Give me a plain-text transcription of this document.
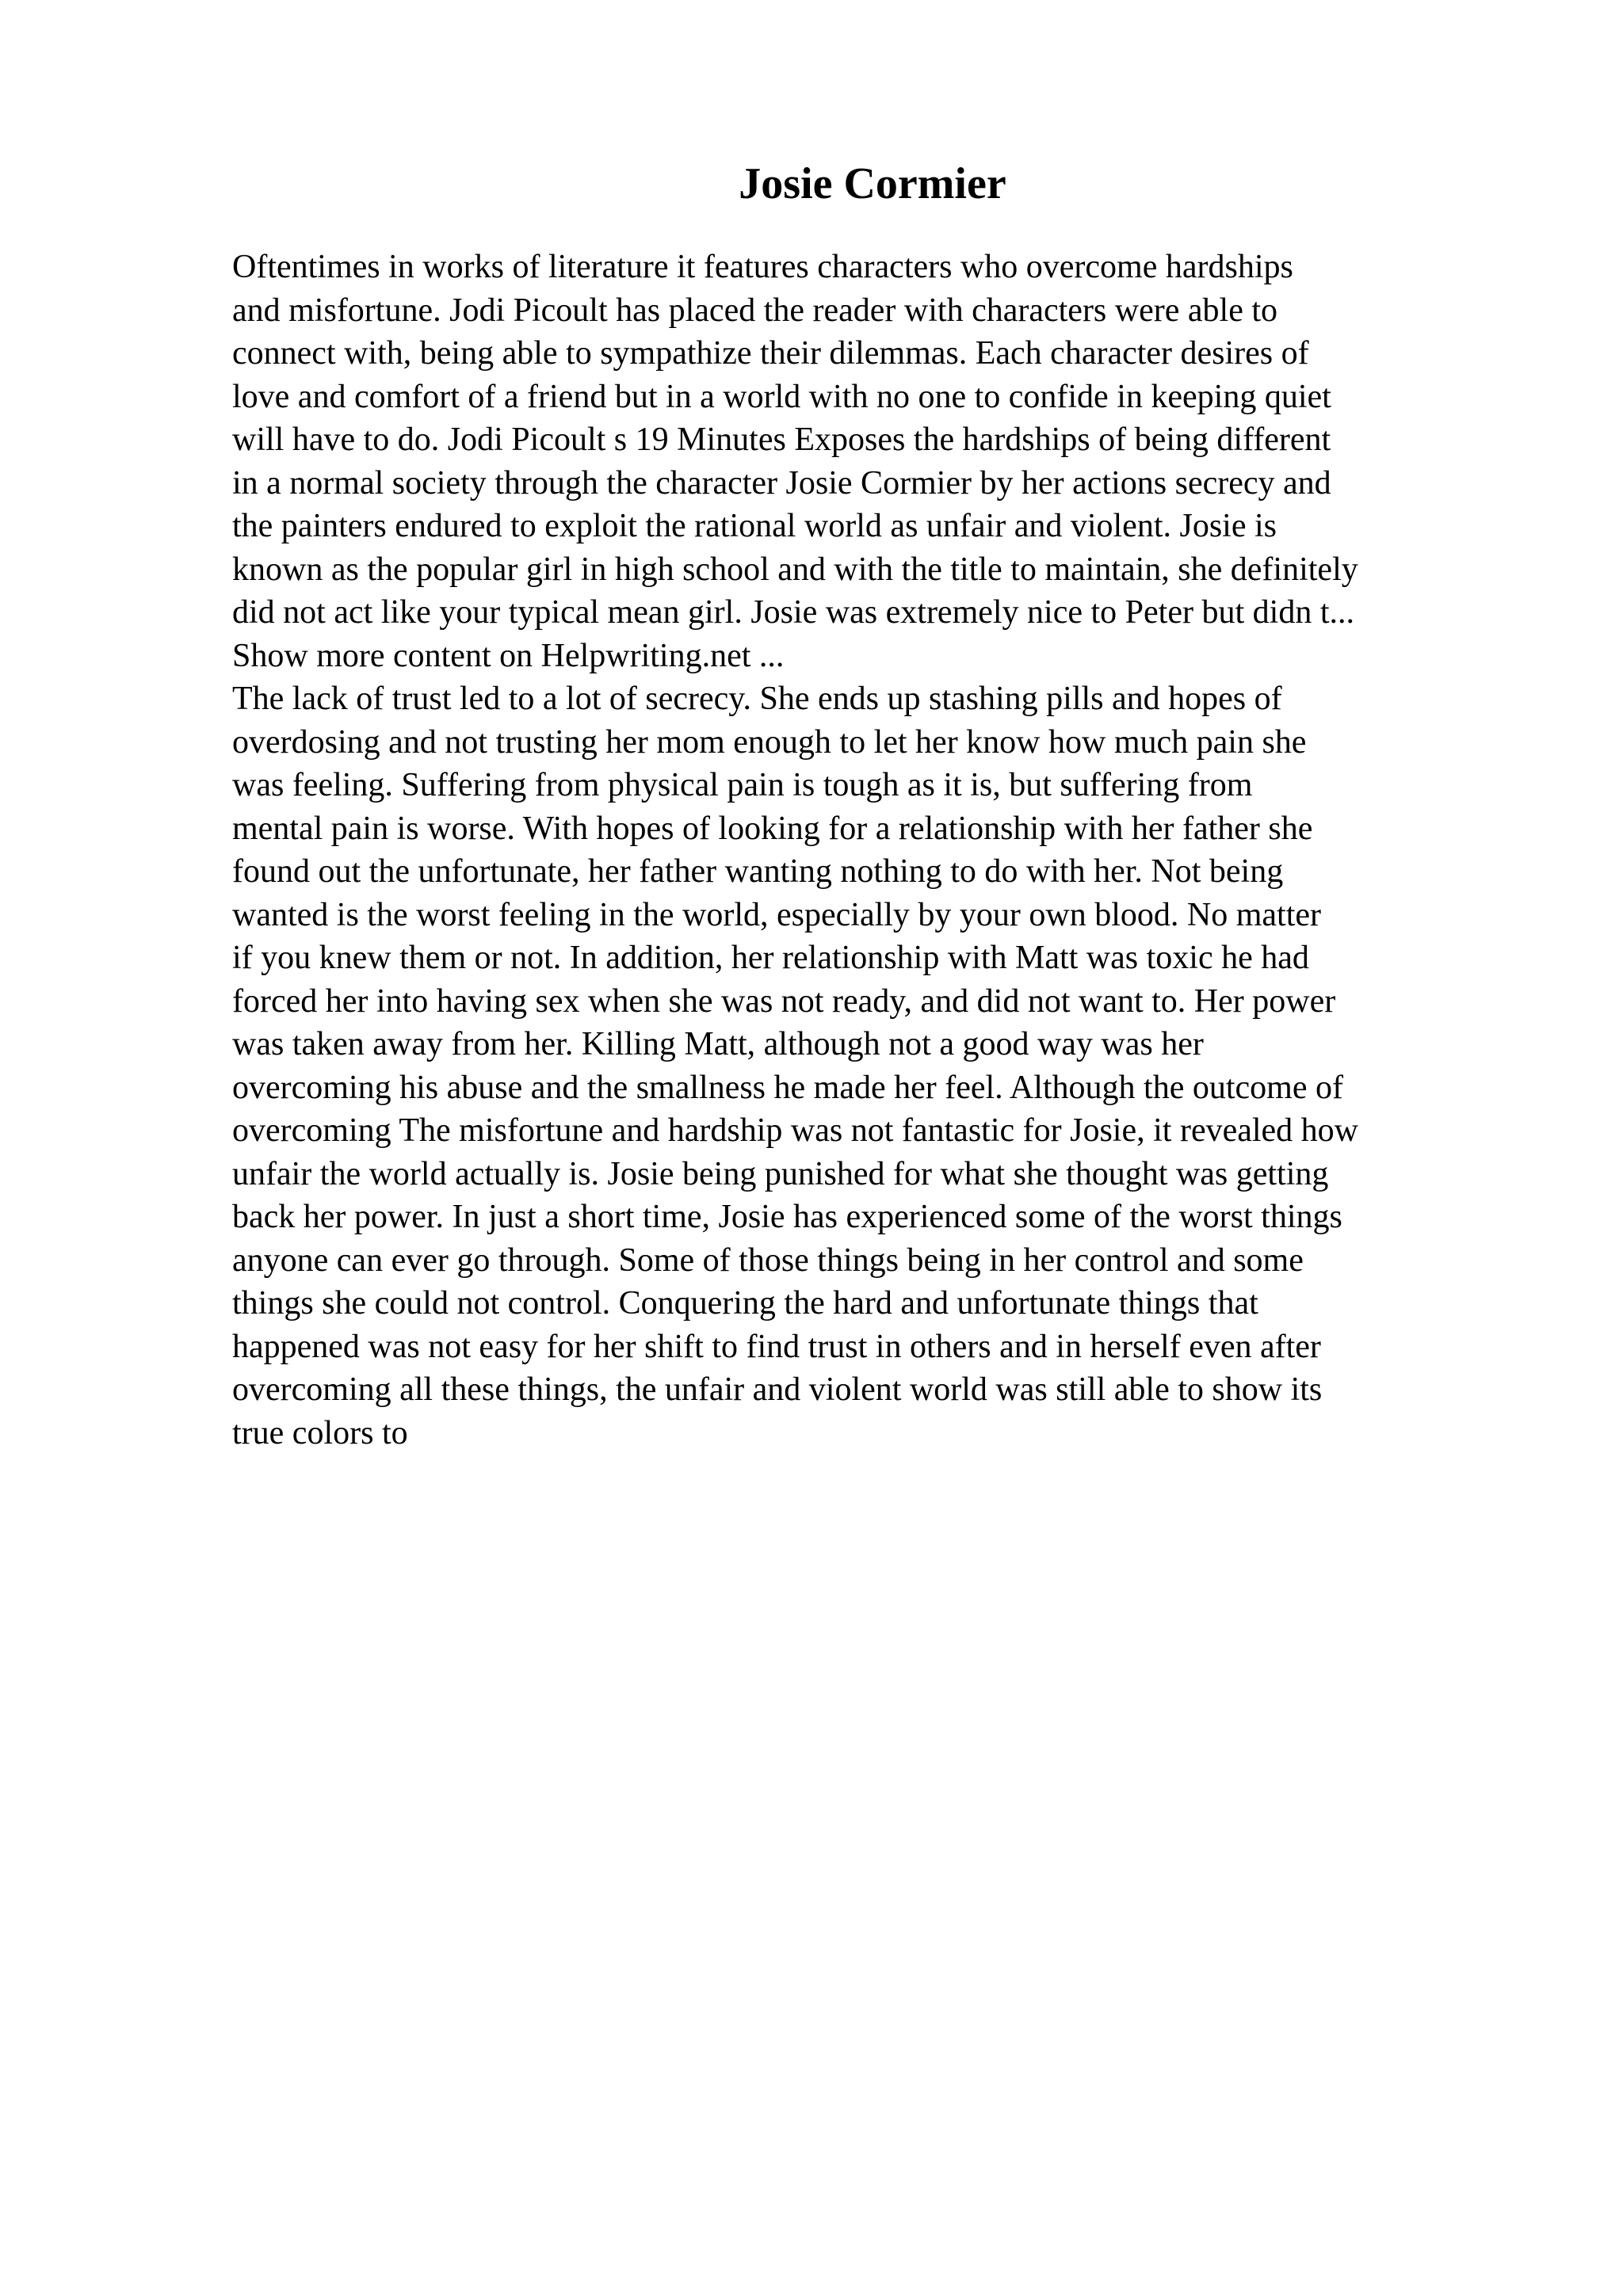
Josie Cormier
Oftentimes in works of literature it features characters who overcome hardships
and misfortune. Jodi Picoult has placed the reader with characters were able to
connect with, being able to sympathize their dilemmas. Each character desires of
love and comfort of a friend but in a world with no one to confide in keeping quiet
will have to do. Jodi Picoult s 19 Minutes Exposes the hardships of being different
in a normal society through the character Josie Cormier by her actions secrecy and
the painters endured to exploit the rational world as unfair and violent. Josie is
known as the popular girl in high school and with the title to maintain, she definitely
did not act like your typical mean girl. Josie was extremely nice to Peter but didn t...
Show more content on Helpwriting.net ...
The lack of trust led to a lot of secrecy. She ends up stashing pills and hopes of
overdosing and not trusting her mom enough to let her know how much pain she
was feeling. Suffering from physical pain is tough as it is, but suffering from
mental pain is worse. With hopes of looking for a relationship with her father she
found out the unfortunate, her father wanting nothing to do with her. Not being
wanted is the worst feeling in the world, especially by your own blood. No matter
if you knew them or not. In addition, her relationship with Matt was toxic he had
forced her into having sex when she was not ready, and did not want to. Her power
was taken away from her. Killing Matt, although not a good way was her
overcoming his abuse and the smallness he made her feel. Although the outcome of
overcoming The misfortune and hardship was not fantastic for Josie, it revealed how
unfair the world actually is. Josie being punished for what she thought was getting
back her power. In just a short time, Josie has experienced some of the worst things
anyone can ever go through. Some of those things being in her control and some
things she could not control. Conquering the hard and unfortunate things that
happened was not easy for her shift to find trust in others and in herself even after
overcoming all these things, the unfair and violent world was still able to show its
true colors to
